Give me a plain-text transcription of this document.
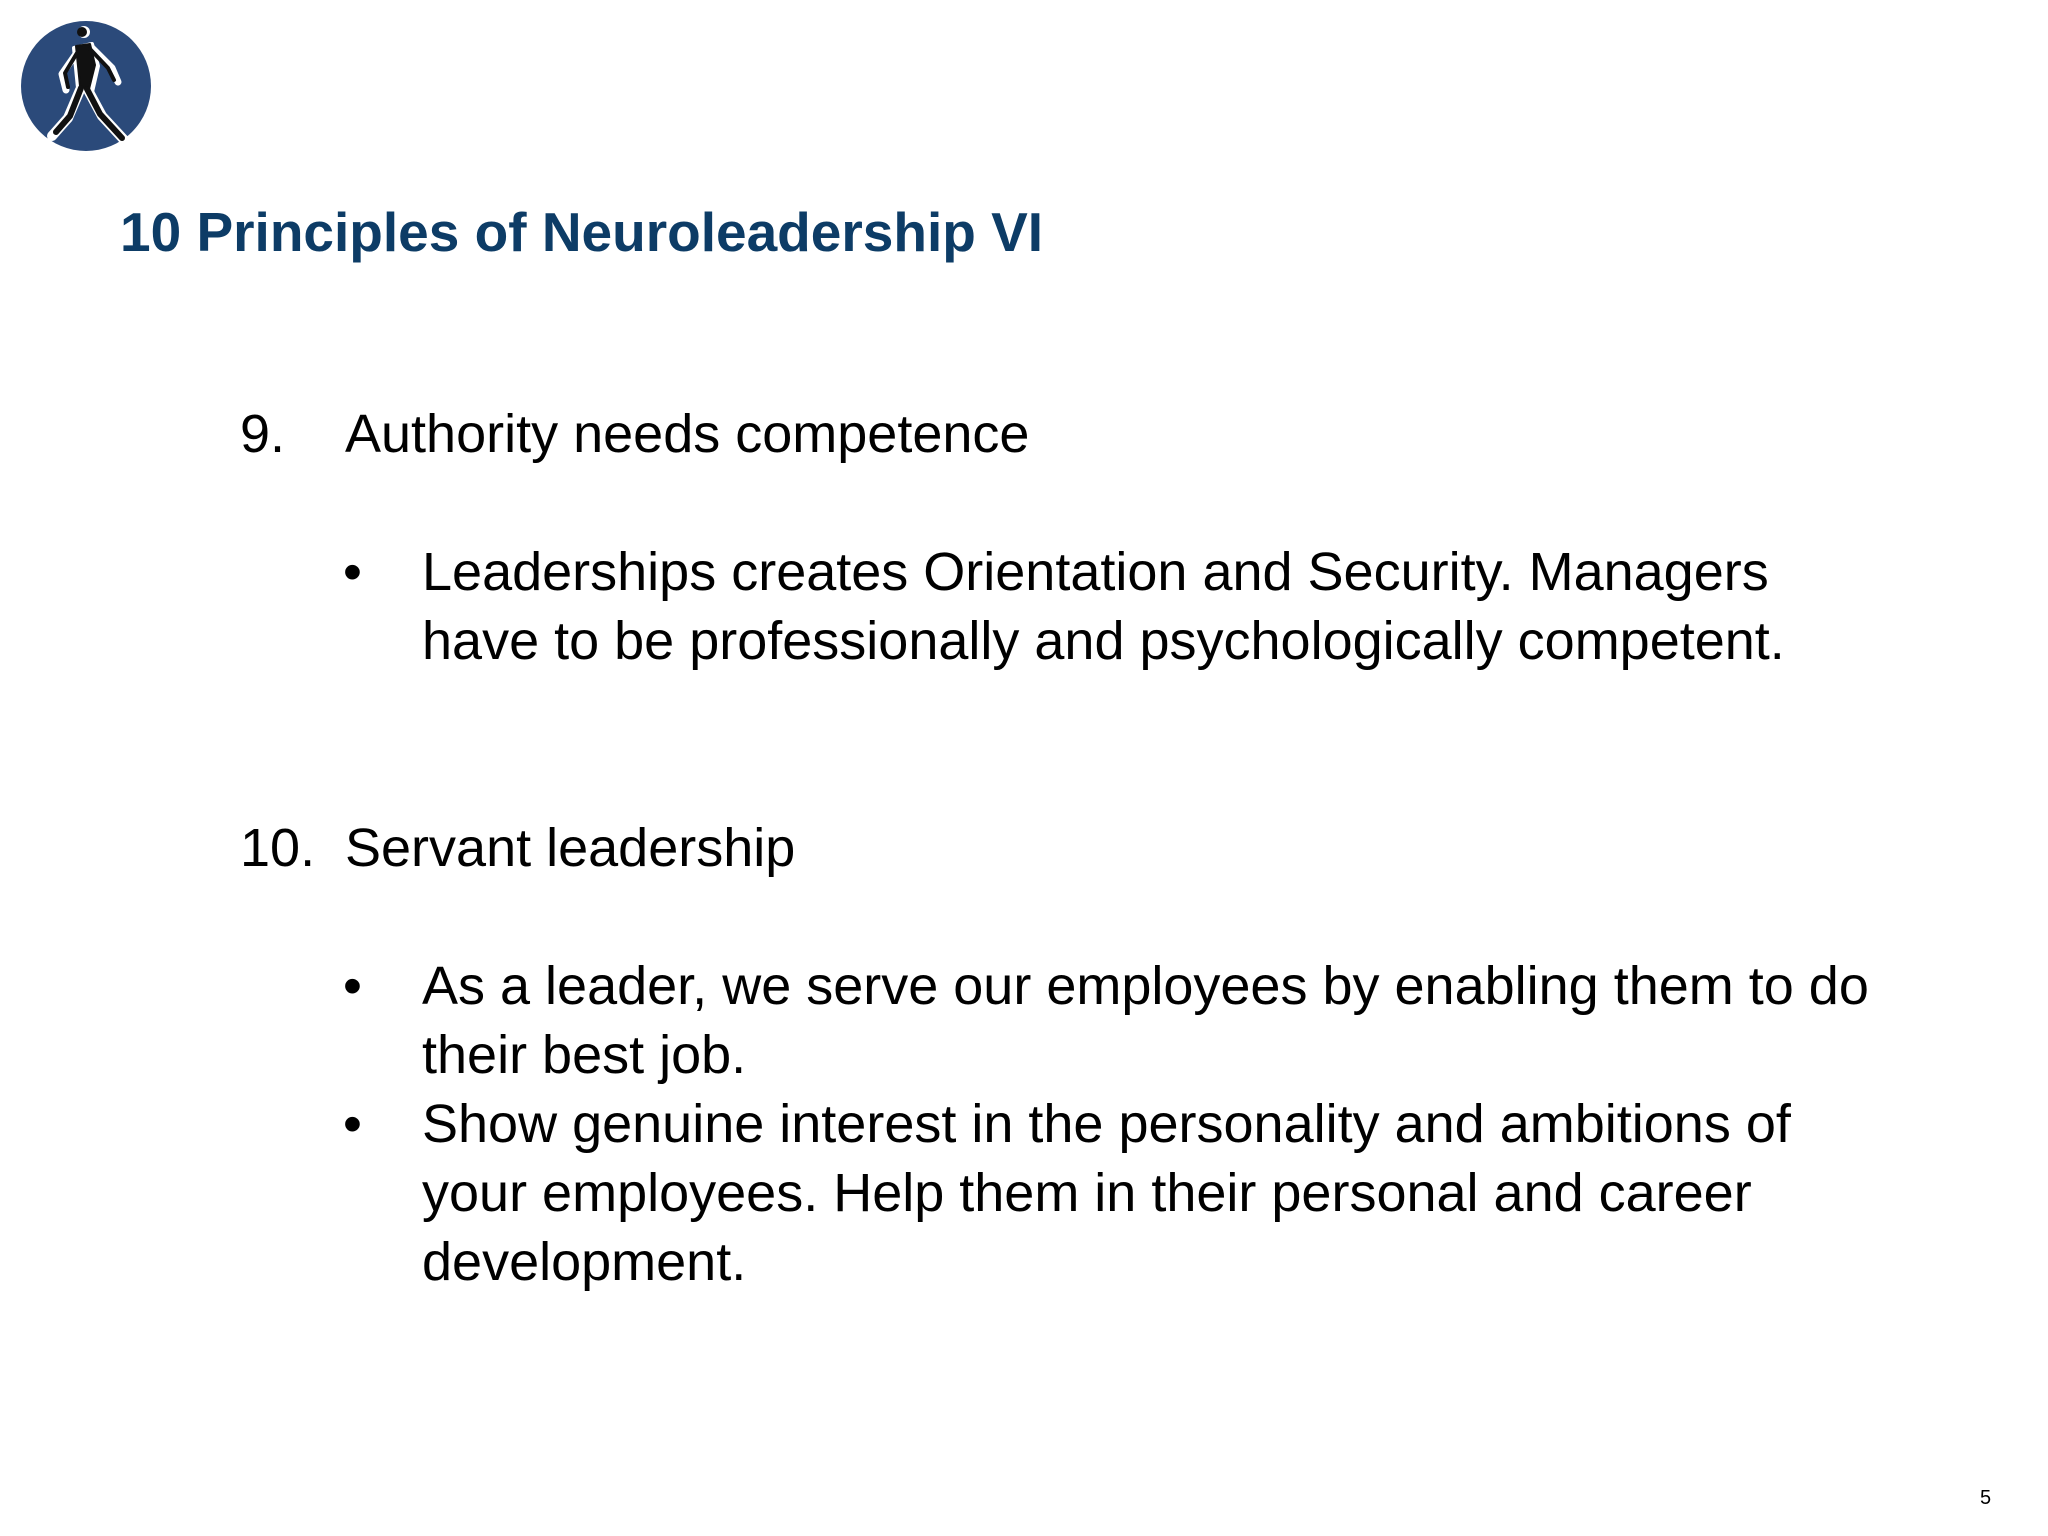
10 Principles of Neuroleadership VI
9. Authority needs competence
• Leaderships creates Orientation and Security. Managers have to be professionally and psychologically competent.
10. Servant leadership
• As a leader, we serve our employees by enabling them to do their best job.
• Show genuine interest in the personality and ambitions of your employees. Help them in their personal and career development.
5
